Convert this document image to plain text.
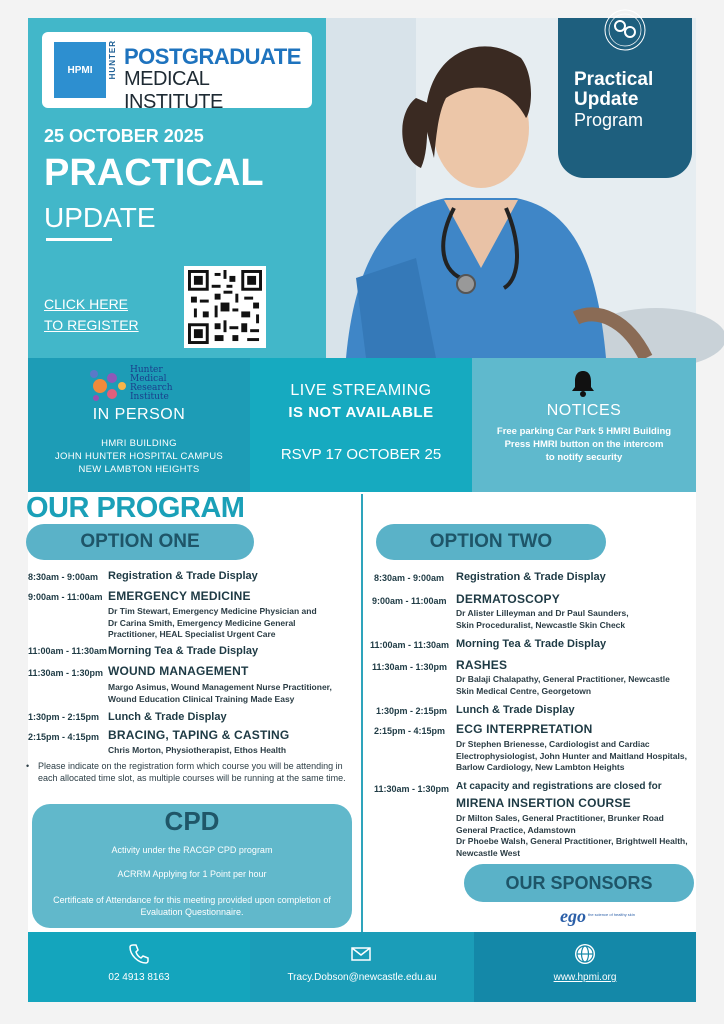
HPMI	HUNTER POSTGRADUATE
MEDICAL INSTITUTE
25 OCTOBER 2025
PRACTICAL
UPDATE
CLICK HERE
TO REGISTER
Practical
Update
Program
Hunter
Medical
Research
Institute
IN PERSON
HMRI BUILDING
JOHN HUNTER HOSPITAL CAMPUS
NEW LAMBTON HEIGHTS
LIVE STREAMING
IS NOT AVAILABLE
RSVP 17 OCTOBER 25
NOTICES
Free parking Car Park 5 HMRI Building
Press HMRI button on the intercom
to notify security
OUR PROGRAM
OPTION ONE	OPTION TWO
8:30am - 9:00am Registration & Trade Display
9:00am - 11:00am EMERGENCY MEDICINE
Dr Tim Stewart, Emergency Medicine Physician and
Dr Carina Smith, Emergency Medicine General
Practitioner, HEAL Specialist Urgent Care
11:00am - 11:30am Morning Tea & Trade Display
11:30am - 1:30pm WOUND MANAGEMENT
Margo Asimus, Wound Management Nurse Practitioner,
Wound Education Clinical Training Made Easy
1:30pm - 2:15pm Lunch & Trade Display
2:15pm - 4:15pm BRACING, TAPING & CASTING
Chris Morton, Physiotherapist, Ethos Health
• Please indicate on the registration form which course you will be attending in each allocated time slot, as multiple courses will be running at the same time.
8:30am - 9:00am Registration & Trade Display
9:00am - 11:00am DERMATOSCOPY
Dr Alister Lilleyman and Dr Paul Saunders,
Skin Proceduralist, Newcastle Skin Check
11:00am - 11:30am Morning Tea & Trade Display
11:30am - 1:30pm RASHES
Dr Balaji Chalapathy, General Practitioner, Newcastle
Skin Medical Centre, Georgetown
1:30pm - 2:15pm Lunch & Trade Display
2:15pm - 4:15pm ECG INTERPRETATION
Dr Stephen Brienesse, Cardiologist and Cardiac
Electrophysiologist, John Hunter and Maitland Hospitals,
Barlow Cardiology, New Lambton Heights
11:30am - 1:30pm At capacity and registrations are closed for
MIRENA INSERTION COURSE
Dr Milton Sales, General Practitioner, Brunker Road
General Practice, Adamstown
Dr Phoebe Walsh, General Practitioner, Brightwell Health,
Newcastle West
CPD
Activity under the RACGP CPD program
ACRRM Applying for 1 Point per hour
Certificate of Attendance for this meeting provided upon completion of Evaluation Questionnaire.
OUR SPONSORS
ego the science of healthy skin
02 4913 8163	Tracy.Dobson@newcastle.edu.au	www.hpmi.org
